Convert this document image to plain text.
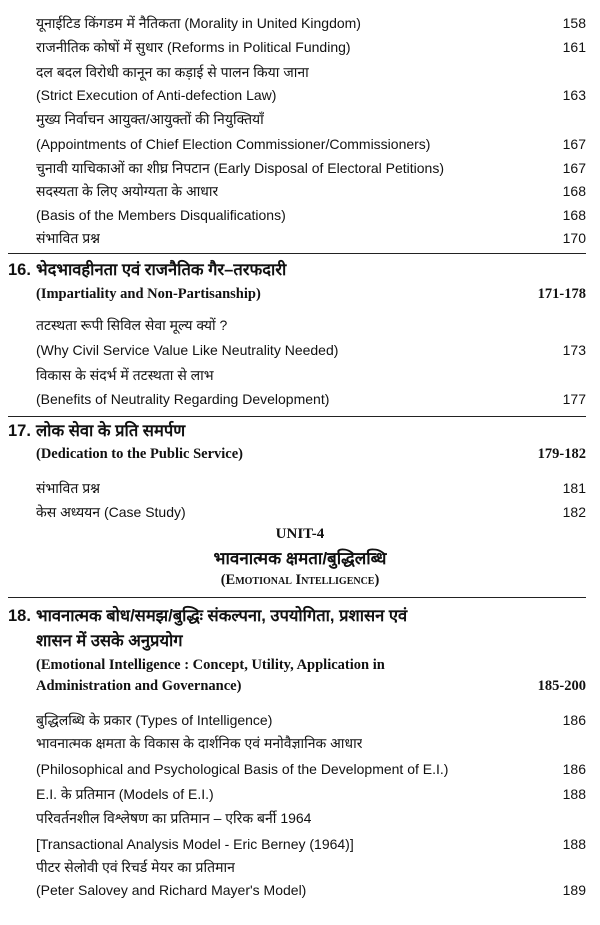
यूनाईटिड किंगडम में नैतिकता (Morality in United Kingdom)	158
राजनीतिक कोषों में सुधार (Reforms in Political Funding)	161
दल बदल विरोधी कानून का कड़ाई से पालन किया जाना
(Strict Execution of Anti-defection Law)	163
मुख्य निर्वाचन आयुक्त/आयुक्तों की नियुक्तियाँ
(Appointments of Chief Election Commissioner/Commissioners)	167
चुनावी याचिकाओं का शीघ्र निपटान (Early Disposal of Electoral Petitions)	167
सदस्यता के लिए अयोग्यता के आधार	168
(Basis of the Members Disqualifications)	168
संभावित प्रश्न	170
16. भेदभावहीनता एवं राजनैतिक गैर–तरफदारी
(Impartiality and Non-Partisanship)	171-178
तटस्थता रूपी सिविल सेवा मूल्य क्यों ?
(Why Civil Service Value Like Neutrality Needed)	173
विकास के संदर्भ में तटस्थता से लाभ
(Benefits of Neutrality Regarding Development)	177
17. लोक सेवा के प्रति समर्पण
(Dedication to the Public Service)	179-182
संभावित प्रश्न	181
केस अध्ययन (Case Study)	182
UNIT-4
भावनात्मक क्षमता/बुद्धिलब्धि
(Emotional Intelligence)
18. भावनात्मक बोध/समझ/बुद्धिः संकल्पना, उपयोगिता, प्रशासन एवं
शासन में उसके अनुप्रयोग
(Emotional Intelligence : Concept, Utility, Application in
Administration and Governance)	185-200
बुद्धिलब्धि के प्रकार (Types of Intelligence)	186
भावनात्मक क्षमता के विकास के दार्शनिक एवं मनोवैज्ञानिक आधार
(Philosophical and Psychological Basis of the Development of E.I.)	186
E.I. के प्रतिमान (Models of E.I.)	188
परिवर्तनशील विश्लेषण का प्रतिमान – एरिक बर्नी 1964
[Transactional Analysis Model - Eric Berney (1964)]	188
पीटर सेलोवी एवं रिचर्ड मेयर का प्रतिमान
(Peter Salovey and Richard Mayer's Model)	189
